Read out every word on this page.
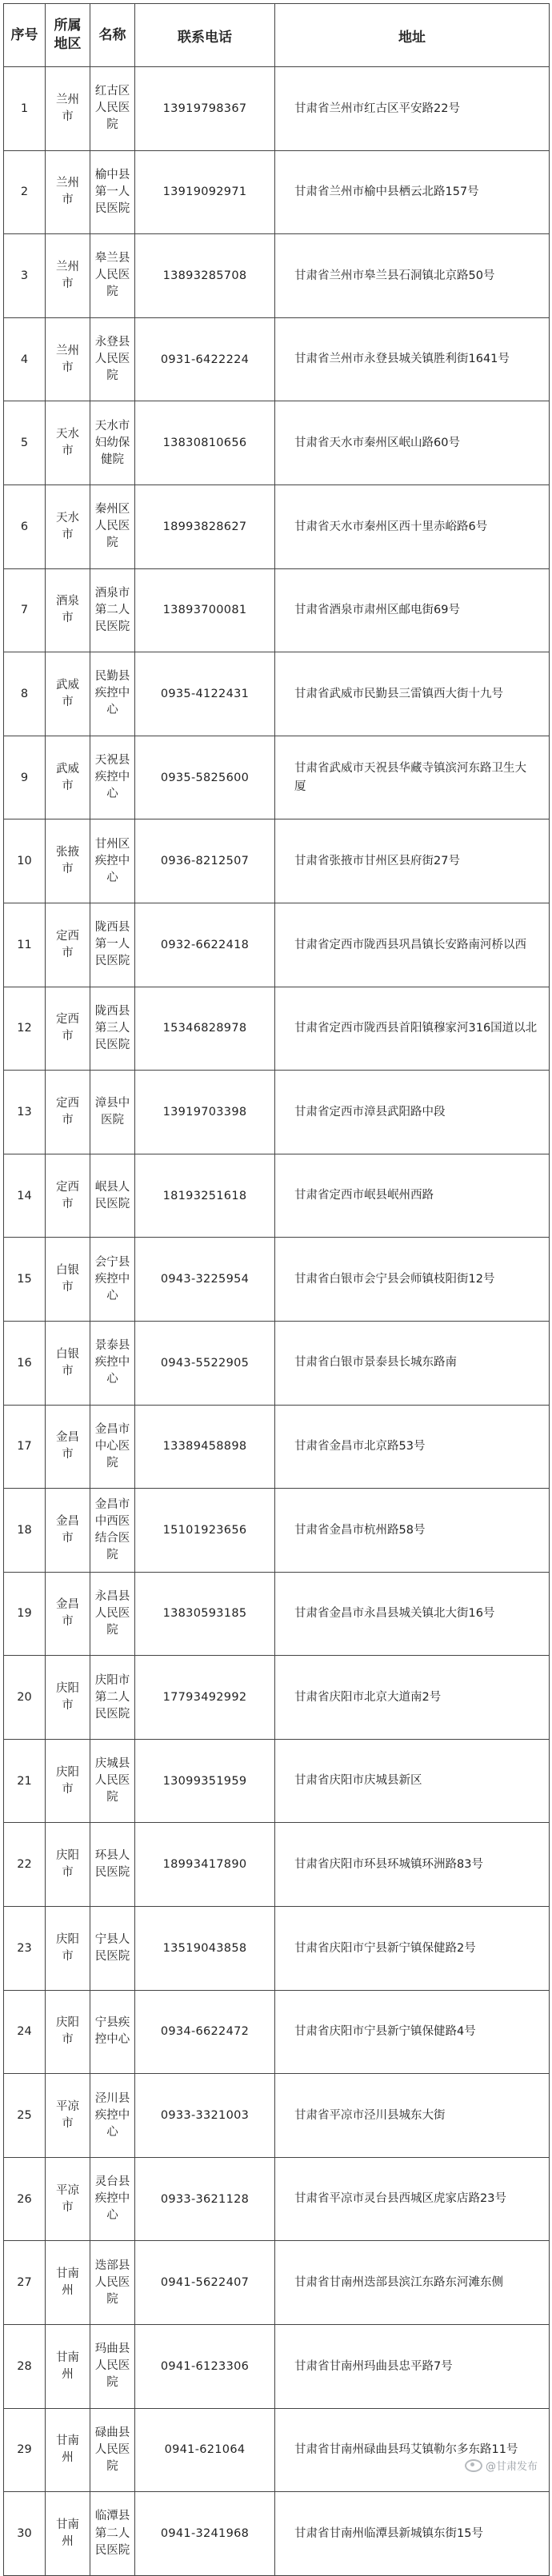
序号	所属地区	名称	联系电话	地址
1	兰州市	红古区人民医院	13919798367	甘肃省兰州市红古区平安路22号

2	兰州市	榆中县第一人民医院	13919092971	甘肃省兰州市榆中县栖云北路157号

3	兰州市	皋兰县人民医院	13893285708	甘肃省兰州市皋兰县石洞镇北京路50号

4	兰州市	永登县人民医院	0931-6422224	甘肃省兰州市永登县城关镇胜利街1641号

5	天水市	天水市妇幼保健院	13830810656	甘肃省天水市秦州区岷山路60号

6	天水市	秦州区人民医院	18993828627	甘肃省天水市秦州区西十里赤峪路6号

7	酒泉市	酒泉市第二人民医院	13893700081	甘肃省酒泉市肃州区邮电街69号

8	武威市	民勤县疾控中心	0935-4122431	甘肃省武威市民勤县三雷镇西大街十九号

9	武威市	天祝县疾控中心	0935-5825600	甘肃省武威市天祝县华藏寺镇滨河东路卫生大厦

10	张掖市	甘州区疾控中心	0936-8212507	甘肃省张掖市甘州区县府街27号

11	定西市	陇西县第一人民医院	0932-6622418	甘肃省定西市陇西县巩昌镇长安路南河桥以西

12	定西市	陇西县第三人民医院	15346828978	甘肃省定西市陇西县首阳镇穆家河316国道以北

13	定西市	漳县中医院	13919703398	甘肃省定西市漳县武阳路中段

14	定西市	岷县人民医院	18193251618	甘肃省定西市岷县岷州西路

15	白银市	会宁县疾控中心	0943-3225954	甘肃省白银市会宁县会师镇枝阳街12号

16	白银市	景泰县疾控中心	0943-5522905	甘肃省白银市景泰县长城东路南

17	金昌市	金昌市中心医院	13389458898	甘肃省金昌市北京路53号

18	金昌市	金昌市中西医结合医院	15101923656	甘肃省金昌市杭州路58号

19	金昌市	永昌县人民医院	13830593185	甘肃省金昌市永昌县城关镇北大街16号

20	庆阳市	庆阳市第二人民医院	17793492992	甘肃省庆阳市北京大道南2号

21	庆阳市	庆城县人民医院	13099351959	甘肃省庆阳市庆城县新区

22	庆阳市	环县人民医院	18993417890	甘肃省庆阳市环县环城镇环洲路83号

23	庆阳市	宁县人民医院	13519043858	甘肃省庆阳市宁县新宁镇保健路2号

24	庆阳市	宁县疾控中心	0934-6622472	甘肃省庆阳市宁县新宁镇保健路4号

25	平凉市	泾川县疾控中心	0933-3321003	甘肃省平凉市泾川县城东大街

26	平凉市	灵台县疾控中心	0933-3621128	甘肃省平凉市灵台县西城区虎家店路23号

27	甘南州	迭部县人民医院	0941-5622407	甘肃省甘南州迭部县滨江东路东河滩东侧

28	甘南州	玛曲县人民医院	0941-6123306	甘肃省甘南州玛曲县忠平路7号

29	甘南州	碌曲县人民医院	0941-621064	甘肃省甘南州碌曲县玛艾镇勒尔多东路11号

30	甘南州	临潭县第二人民医院	0941-3241968	甘肃省甘南州临潭县新城镇东街15号
@甘肃发布
